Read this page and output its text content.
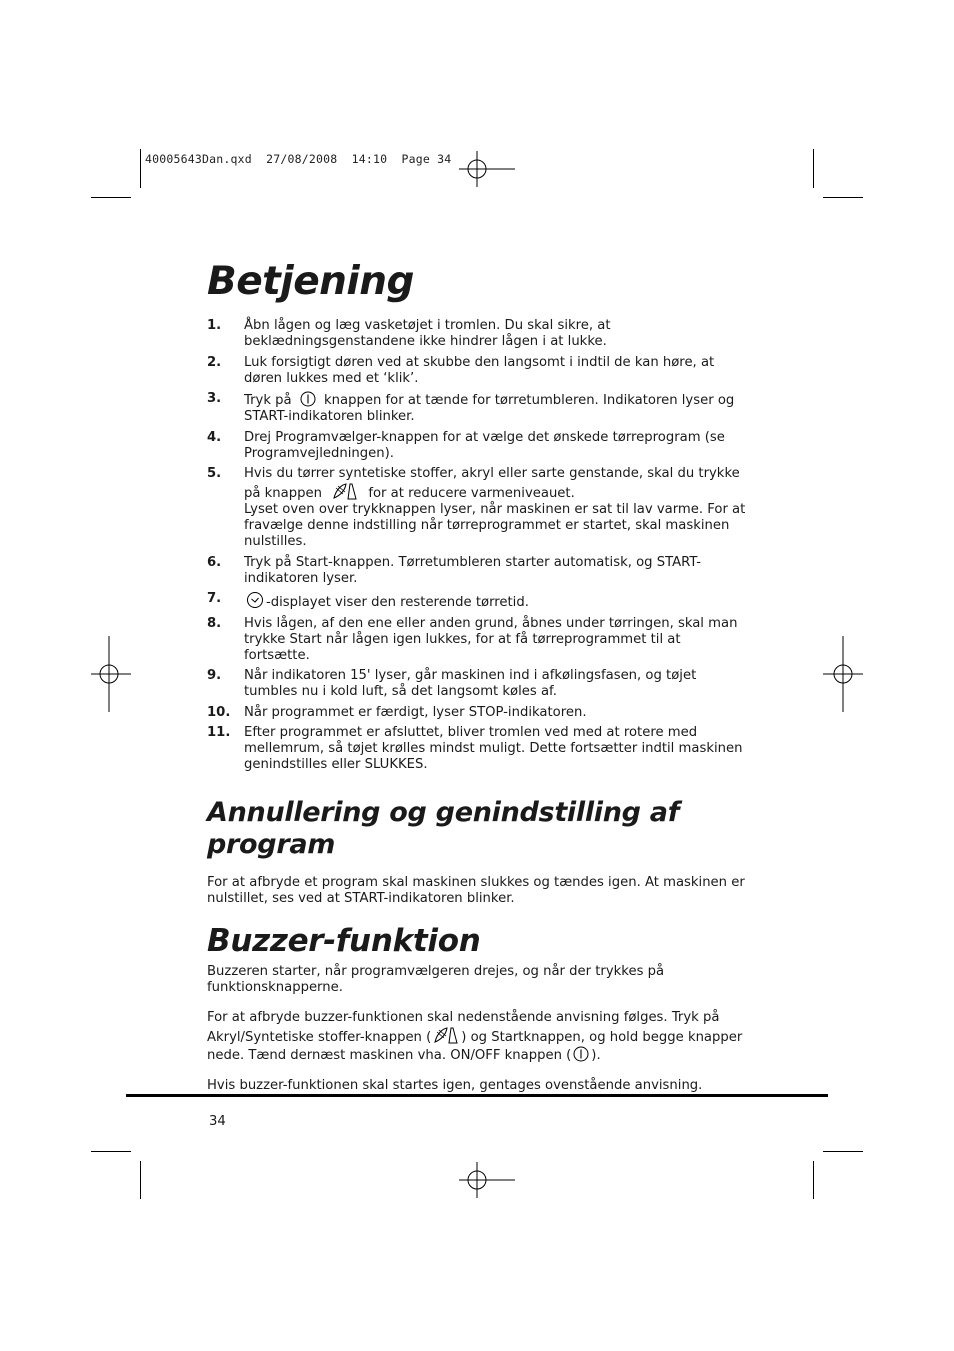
40005643Dan.qxd  27/08/2008  14:10  Page 34
Betjening
1. Åbn lågen og læg vasketøjet i tromlen. Du skal sikre, at beklædningsgenstandene ikke hindrer lågen i at lukke.
2. Luk forsigtigt døren ved at skubbe den langsomt i indtil de kan høre, at døren lukkes med et ‘klik’.
3. Tryk på knappen for at tænde for tørretumbleren. Indikatoren lyser og START-indikatoren blinker.
4. Drej Programvælger-knappen for at vælge det ønskede tørreprogram (se Programvejledningen).
5. Hvis du tørrer syntetiske stoffer, akryl eller sarte genstande, skal du trykke på knappen	for at reducere varmeniveauet.
Lyset oven over trykknappen lyser, når maskinen er sat til lav varme. For at fravælge denne indstilling når tørreprogrammet er startet, skal maskinen nulstilles.
6. Tryk på Start-knappen. Tørretumbleren starter automatisk, og START-indikatoren lyser.
7.	-displayet viser den resterende tørretid.
8. Hvis lågen, af den ene eller anden grund, åbnes under tørringen, skal man trykke Start når lågen igen lukkes, for at få tørreprogrammet til at fortsætte.
9. Når indikatoren 15' lyser, går maskinen ind i afkølingsfasen, og tøjet tumbles nu i kold luft, så det langsomt køles af.
10. Når programmet er færdigt, lyser STOP-indikatoren.
11. Efter programmet er afsluttet, bliver tromlen ved med at rotere med mellemrum, så tøjet krølles mindst muligt. Dette fortsætter indtil maskinen genindstilles eller SLUKKES.
Annullering og genindstilling af program

For at afbryde et program skal maskinen slukkes og tændes igen. At maskinen er nulstillet, ses ved at START-indikatoren blinker.

Buzzer-funktion

Buzzeren starter, når programvælgeren drejes, og når der trykkes på funktionsknapperne.

For at afbryde buzzer-funktionen skal nedenstående anvisning følges. Tryk på Akryl/Syntetiske stoffer-knappen ( ) og Startknappen, og hold begge knapper nede. Tænd dernæst maskinen vha. ON/OFF knappen ( ).

Hvis buzzer-funktionen skal startes igen, gentages ovenstående anvisning.

34
